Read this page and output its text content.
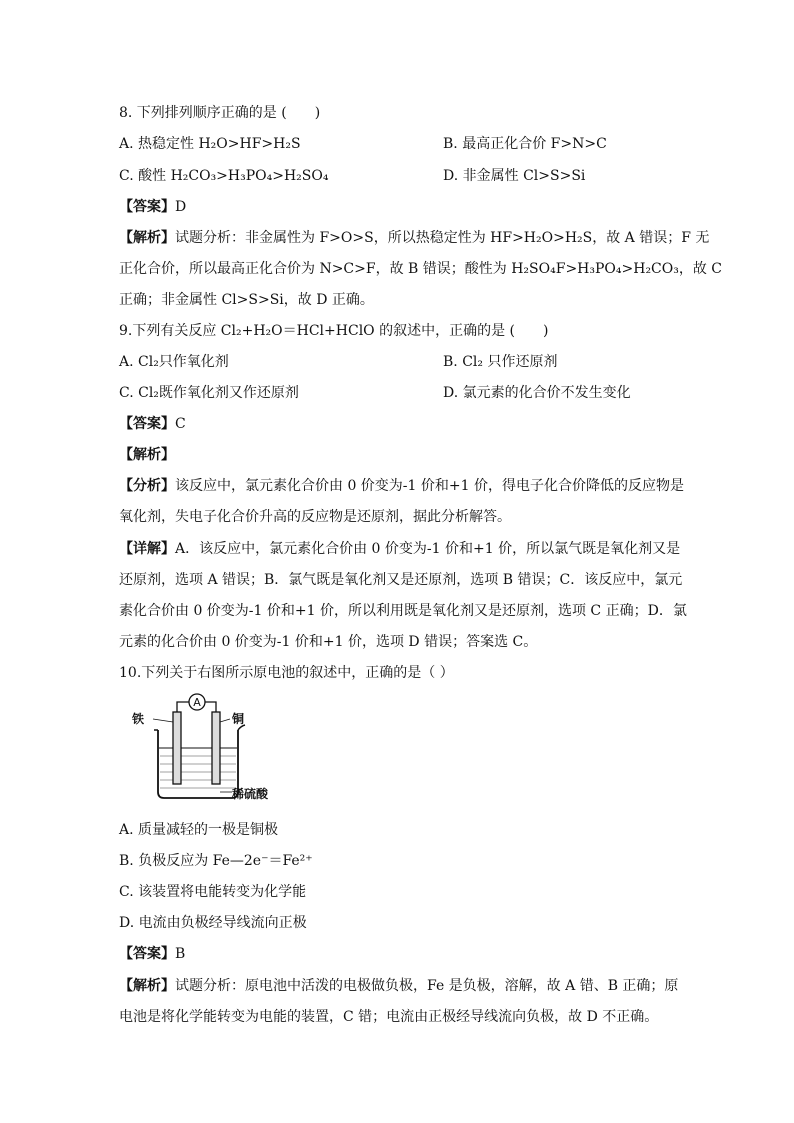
8. 下列排列顺序正确的是 (　　)
A. 热稳定性 H₂O>HF>H₂S	B. 最高正化合价 F>N>C
C. 酸性 H₂CO₃>H₃PO₄>H₂SO₄	D. 非金属性 Cl>S>Si
【答案】D
【解析】试题分析：非金属性为 F>O>S，所以热稳定性为 HF>H₂O>H₂S，故 A 错误；F 无
正化合价，所以最高正化合价为 N>C>F，故 B 错误；酸性为 H₂SO₄F>H₃PO₄>H₂CO₃，故 C
正确；非金属性 Cl>S>Si，故 D 正确。
9.下列有关反应 Cl₂+H₂O＝HCl+HClO 的叙述中，正确的是 (　　)
A. Cl₂只作氧化剂	B. Cl₂ 只作还原剂
C. Cl₂既作氧化剂又作还原剂	D. 氯元素的化合价不发生变化
【答案】C
【解析】
【分析】该反应中，氯元素化合价由 0 价变为-1 价和+1 价，得电子化合价降低的反应物是
氧化剂，失电子化合价升高的反应物是还原剂，据此分析解答。
【详解】A．该反应中，氯元素化合价由 0 价变为-1 价和+1 价，所以氯气既是氧化剂又是
还原剂，选项 A 错误；B．氯气既是氧化剂又是还原剂，选项 B 错误；C．该反应中，氯元
素化合价由 0 价变为-1 价和+1 价，所以利用既是氧化剂又是还原剂，选项 C 正确；D．氯
元素的化合价由 0 价变为-1 价和+1 价，选项 D 错误；答案选 C。
10.下列关于右图所示原电池的叙述中，正确的是（ ）
A
铁	铜
稀硫酸
A. 质量减轻的一极是铜极
B. 负极反应为 Fe—2e⁻＝Fe²⁺
C. 该装置将电能转变为化学能
D. 电流由负极经导线流向正极
【答案】B
【解析】试题分析：原电池中活泼的电极做负极，Fe 是负极，溶解，故 A 错、B 正确；原
电池是将化学能转变为电能的装置，C 错；电流由正极经导线流向负极，故 D 不正确。
